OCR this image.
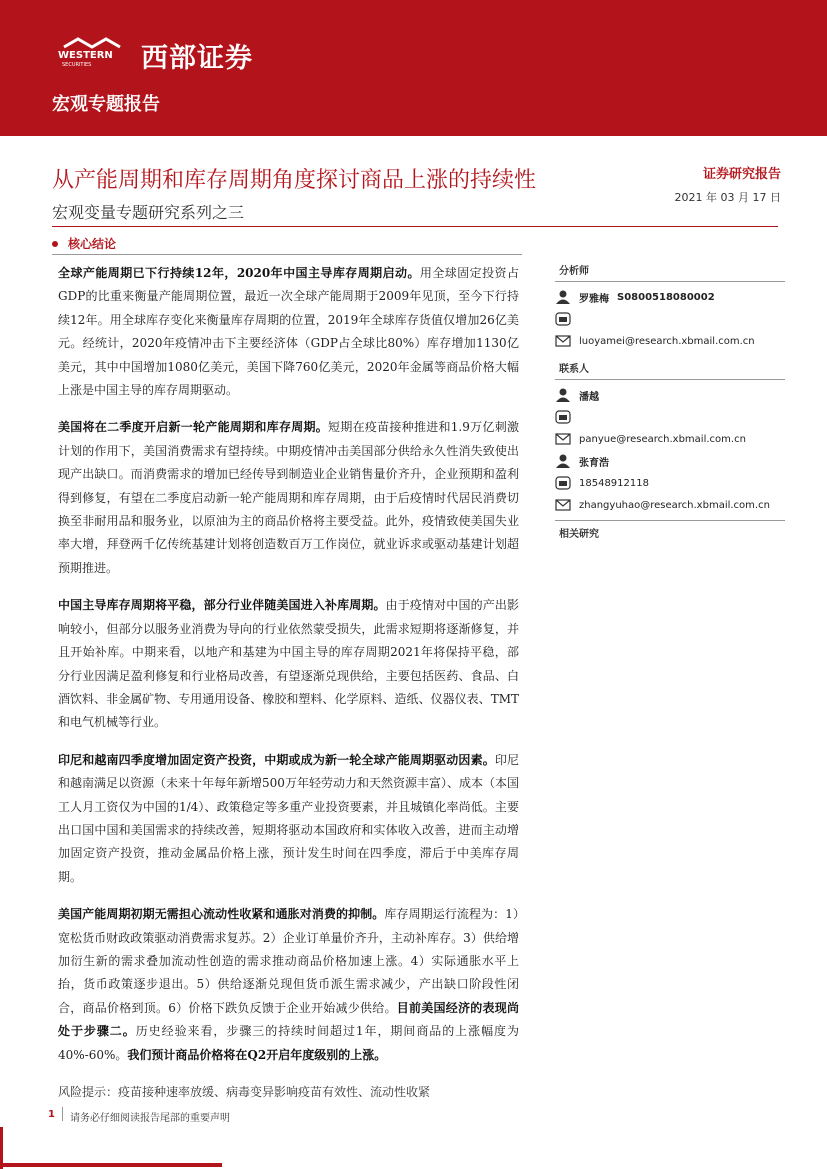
WESTERN
SECURITIES 西部证券
宏观专题报告
从产能周期和库存周期角度探讨商品上涨的持续性
宏观变量专题研究系列之三
证券研究报告
2021 年 03 月 17 日
核心结论

全球产能周期已下行持续12年，2020年中国主导库存周期启动。用全球固定投资占GDP的比重来衡量产能周期位置，最近一次全球产能周期于2009年见顶，至今下行持续12年。用全球库存变化来衡量库存周期的位置，2019年全球库存货值仅增加26亿美元。经统计，2020年疫情冲击下主要经济体（GDP占全球比80%）库存增加1130亿美元，其中中国增加1080亿美元，美国下降760亿美元，2020年金属等商品价格大幅上涨是中国主导的库存周期驱动。

美国将在二季度开启新一轮产能周期和库存周期。短期在疫苗接种推进和1.9万亿刺激计划的作用下，美国消费需求有望持续。中期疫情冲击美国部分供给永久性消失致使出现产出缺口。而消费需求的增加已经传导到制造业企业销售量价齐升，企业预期和盈利得到修复，有望在二季度启动新一轮产能周期和库存周期，由于后疫情时代居民消费切换至非耐用品和服务业，以原油为主的商品价格将主要受益。此外，疫情致使美国失业率大增，拜登两千亿传统基建计划将创造数百万工作岗位，就业诉求或驱动基建计划超预期推进。

中国主导库存周期将平稳，部分行业伴随美国进入补库周期。由于疫情对中国的产出影响较小，但部分以服务业消费为导向的行业依然蒙受损失，此需求短期将逐渐修复，并且开始补库。中期来看，以地产和基建为中国主导的库存周期2021年将保持平稳，部分行业因满足盈利修复和行业格局改善，有望逐渐兑现供给，主要包括医药、食品、白酒饮料、非金属矿物、专用通用设备、橡胶和塑料、化学原料、造纸、仪器仪表、TMT和电气机械等行业。

印尼和越南四季度增加固定资产投资，中期或成为新一轮全球产能周期驱动因素。印尼和越南满足以资源（未来十年每年新增500万年轻劳动力和天然资源丰富）、成本（本国工人月工资仅为中国的1/4）、政策稳定等多重产业投资要素，并且城镇化率尚低。主要出口国中国和美国需求的持续改善，短期将驱动本国政府和实体收入改善，进而主动增加固定资产投资，推动金属品价格上涨，预计发生时间在四季度，滞后于中美库存周期。

美国产能周期初期无需担心流动性收紧和通胀对消费的抑制。库存周期运行流程为：1）宽松货币财政政策驱动消费需求复苏。2）企业订单量价齐升，主动补库存。3）供给增加衍生新的需求叠加流动性创造的需求推动商品价格加速上涨。4）实际通胀水平上抬，货币政策逐步退出。5）供给逐渐兑现但货币派生需求减少，产出缺口阶段性闭合，商品价格到顶。6）价格下跌负反馈于企业开始减少供给。目前美国经济的表现尚处于步骤二。历史经验来看，步骤三的持续时间超过1年，期间商品的上涨幅度为40%-60%。我们预计商品价格将在Q2开启年度级别的上涨。

风险提示：疫苗接种速率放缓、病毒变异影响疫苗有效性、流动性收紧

分析师
罗雅梅 S0800518080002
luoyamei@research.xbmail.com.cn
联系人
潘越
panyue@research.xbmail.com.cn
张育浩
18548912118
zhangyuhao@research.xbmail.com.cn
相关研究
1 请务必仔细阅读报告尾部的重要声明
